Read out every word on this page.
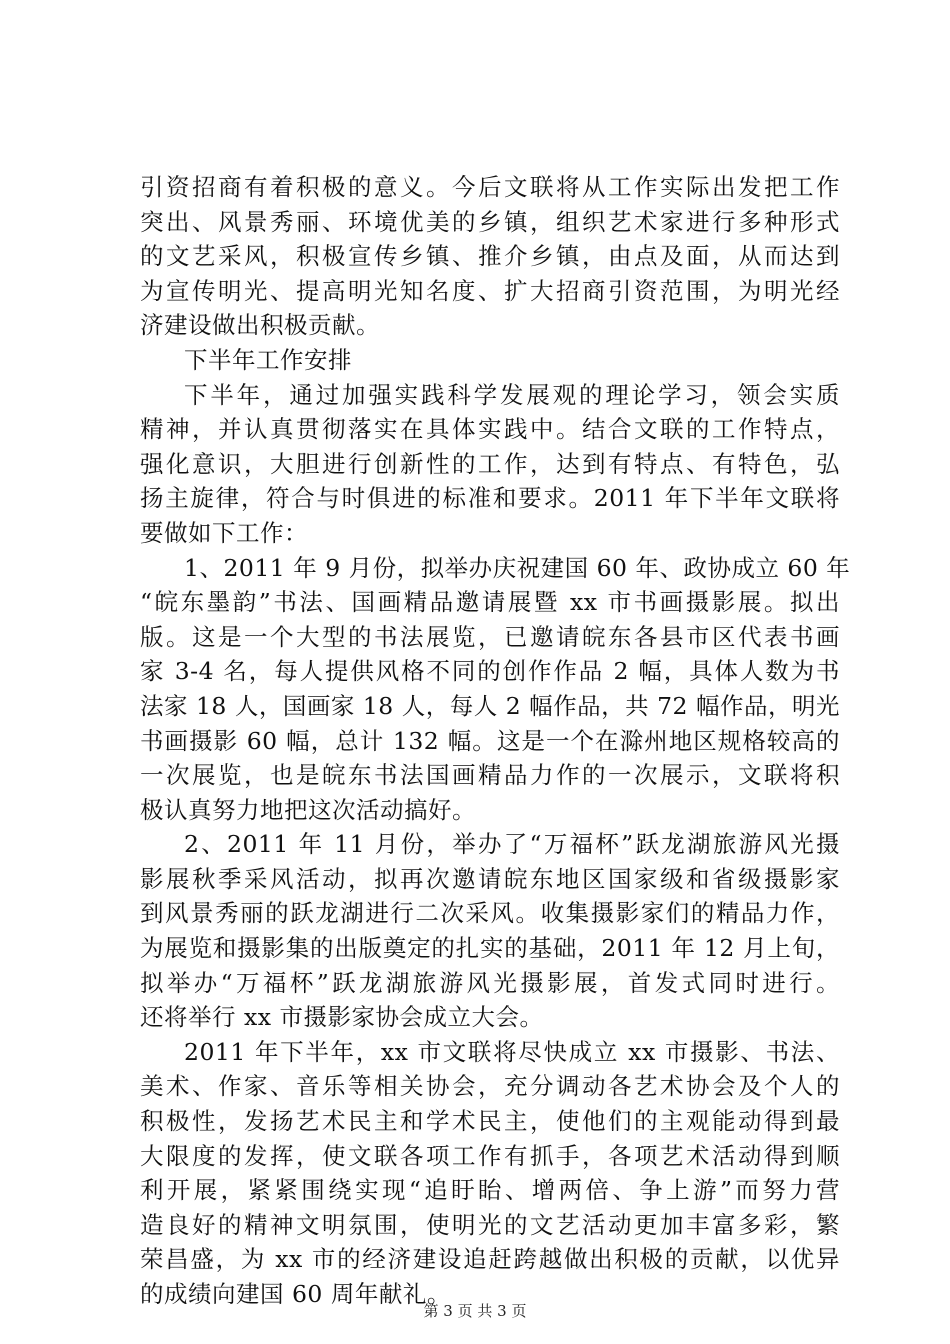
引资招商有着积极的意义。今后文联将从工作实际出发把工作
突出、风景秀丽、环境优美的乡镇，组织艺术家进行多种形式
的文艺采风，积极宣传乡镇、推介乡镇，由点及面，从而达到
为宣传明光、提高明光知名度、扩大招商引资范围，为明光经
济建设做出积极贡献。
下半年工作安排
下半年，通过加强实践科学发展观的理论学习，领会实质
精神，并认真贯彻落实在具体实践中。结合文联的工作特点，
强化意识，大胆进行创新性的工作，达到有特点、有特色，弘
扬主旋律，符合与时俱进的标准和要求。2011 年下半年文联将
要做如下工作：
1、2011 年 9 月份，拟举办庆祝建国 60 年、政协成立 60 年
“皖东墨韵”书法、国画精品邀请展暨 xx 市书画摄影展。拟出
版。这是一个大型的书法展览，已邀请皖东各县市区代表书画
家 3-4 名，每人提供风格不同的创作作品 2 幅，具体人数为书
法家 18 人，国画家 18 人，每人 2 幅作品，共 72 幅作品，明光
书画摄影 60 幅，总计 132 幅。这是一个在滁州地区规格较高的
一次展览，也是皖东书法国画精品力作的一次展示，文联将积
极认真努力地把这次活动搞好。
2、2011 年 11 月份，举办了“万福杯”跃龙湖旅游风光摄
影展秋季采风活动，拟再次邀请皖东地区国家级和省级摄影家
到风景秀丽的跃龙湖进行二次采风。收集摄影家们的精品力作，
为展览和摄影集的出版奠定的扎实的基础，2011 年 12 月上旬，
拟举办“万福杯”跃龙湖旅游风光摄影展，首发式同时进行。
还将举行 xx 市摄影家协会成立大会。
2011 年下半年，xx 市文联将尽快成立 xx 市摄影、书法、
美术、作家、音乐等相关协会，充分调动各艺术协会及个人的
积极性，发扬艺术民主和学术民主，使他们的主观能动得到最
大限度的发挥，使文联各项工作有抓手，各项艺术活动得到顺
利开展，紧紧围绕实现“追盱眙、增两倍、争上游”而努力营
造良好的精神文明氛围，使明光的文艺活动更加丰富多彩，繁
荣昌盛，为 xx 市的经济建设追赶跨越做出积极的贡献，以优异
的成绩向建国 60 周年献礼。
第 3 页 共 3 页
